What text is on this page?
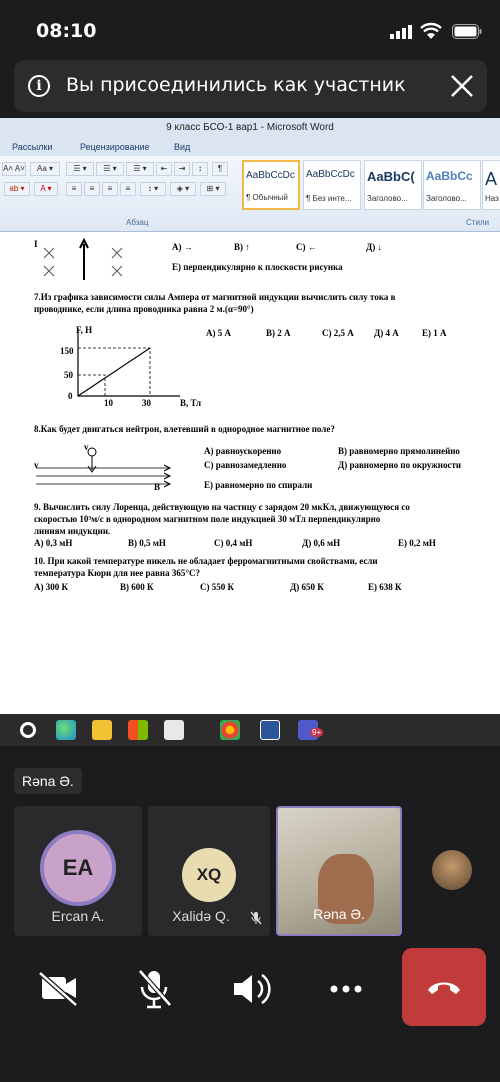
08:10
i	Вы присоединились как участник
9 класс БСО-1 вар1 - Microsoft Word
Рассылки	Рецензирование	Вид
A˄ A˅	Aa ▾
ab ▾	A ▾
☰ ▾	☰ ▾	☰ ▾	⇤	⇥	↕	¶
≡	≡	≡	≡	↕ ▾	◈ ▾	⊞ ▾
Абзац	Стили
AaBbCcDc
¶ Обычный
AaBbCcDc
¶ Без инте...
AaBbC(
Заголово...
AaBbCc
Заголово...
A
Наз
I	A) →	B) ↑	C) ←	Д) ↓
Е) перпендикулярно к плоскости рисунка
7.Из графика зависимости силы Ампера от магнитной индукции вычислить силу тока в
проводнике, если длина проводника равна 2 м.(α=90°)
F, Н
150
50
0
10	30	B, Тл
А) 5 А	В) 2 А	С) 2,5 А Д) 4 А	Е) 1 А
8.Как будет двигаться нейтрон, влетевший в однородное магнитное поле?
v
v
B
А) равноускоренно	В) равномерно прямолинейно
С) равнозамедленно	Д) равномерно по окружности
Е) равномерно по спирали
9. Вычислить силу Лоренца, действующую на частицу с зарядом 20 мкКл, движующуюся со
скоростью 10³м/с в однородном магнитном поле индукцией 30 мТл перпендикулярно
линиям индукции.
А) 0,3 мН	В) 0,5 мН	С) 0,4 мН	Д) 0,6 мН	Е) 0,2 мН
10. При какой температуре никель не обладает ферромагнитными свойствами, если
температура Кюри для нее равна 365°С?
А) 300 К	В) 600 К	С) 550 К	Д) 650 К	Е) 638 К
9+
Rəna Ə.
EA
Ercan A.
XQ
Xalidə Q.	Rəna Ə.
